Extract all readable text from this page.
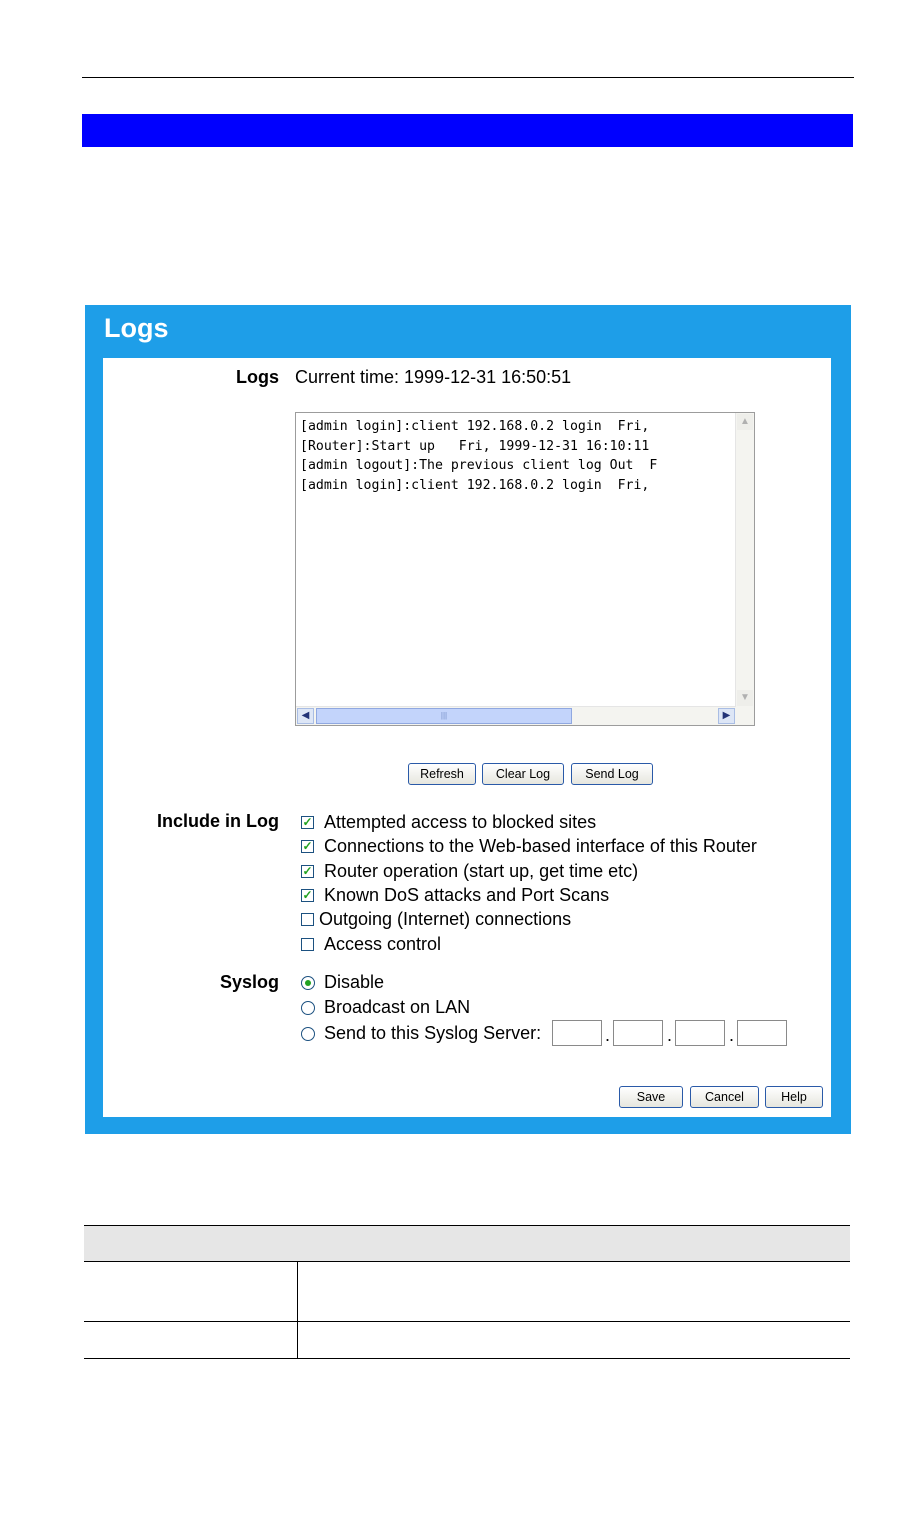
Logs
Logs Current time: 1999-12-31 16:50:51
[admin login]:client 192.168.0.2 login  Fri,
[Router]:Start up   Fri, 1999-12-31 16:10:11
[admin logout]:The previous client log Out  F
[admin login]:client 192.168.0.2 login  Fri,
▲
▼
◀	|||	▶
Refresh	Clear Log	Send Log
Include in Log ✓ Attempted access to blocked sites
✓ Connections to the Web-based interface of this Router
✓ Router operation (start up, get time etc)
✓ Known DoS attacks and Port Scans
Outgoing (Internet) connections
Access control
Syslog	Disable
Broadcast on LAN
Send to this Syslog Server:	.	.	.
Save	Cancel	Help
